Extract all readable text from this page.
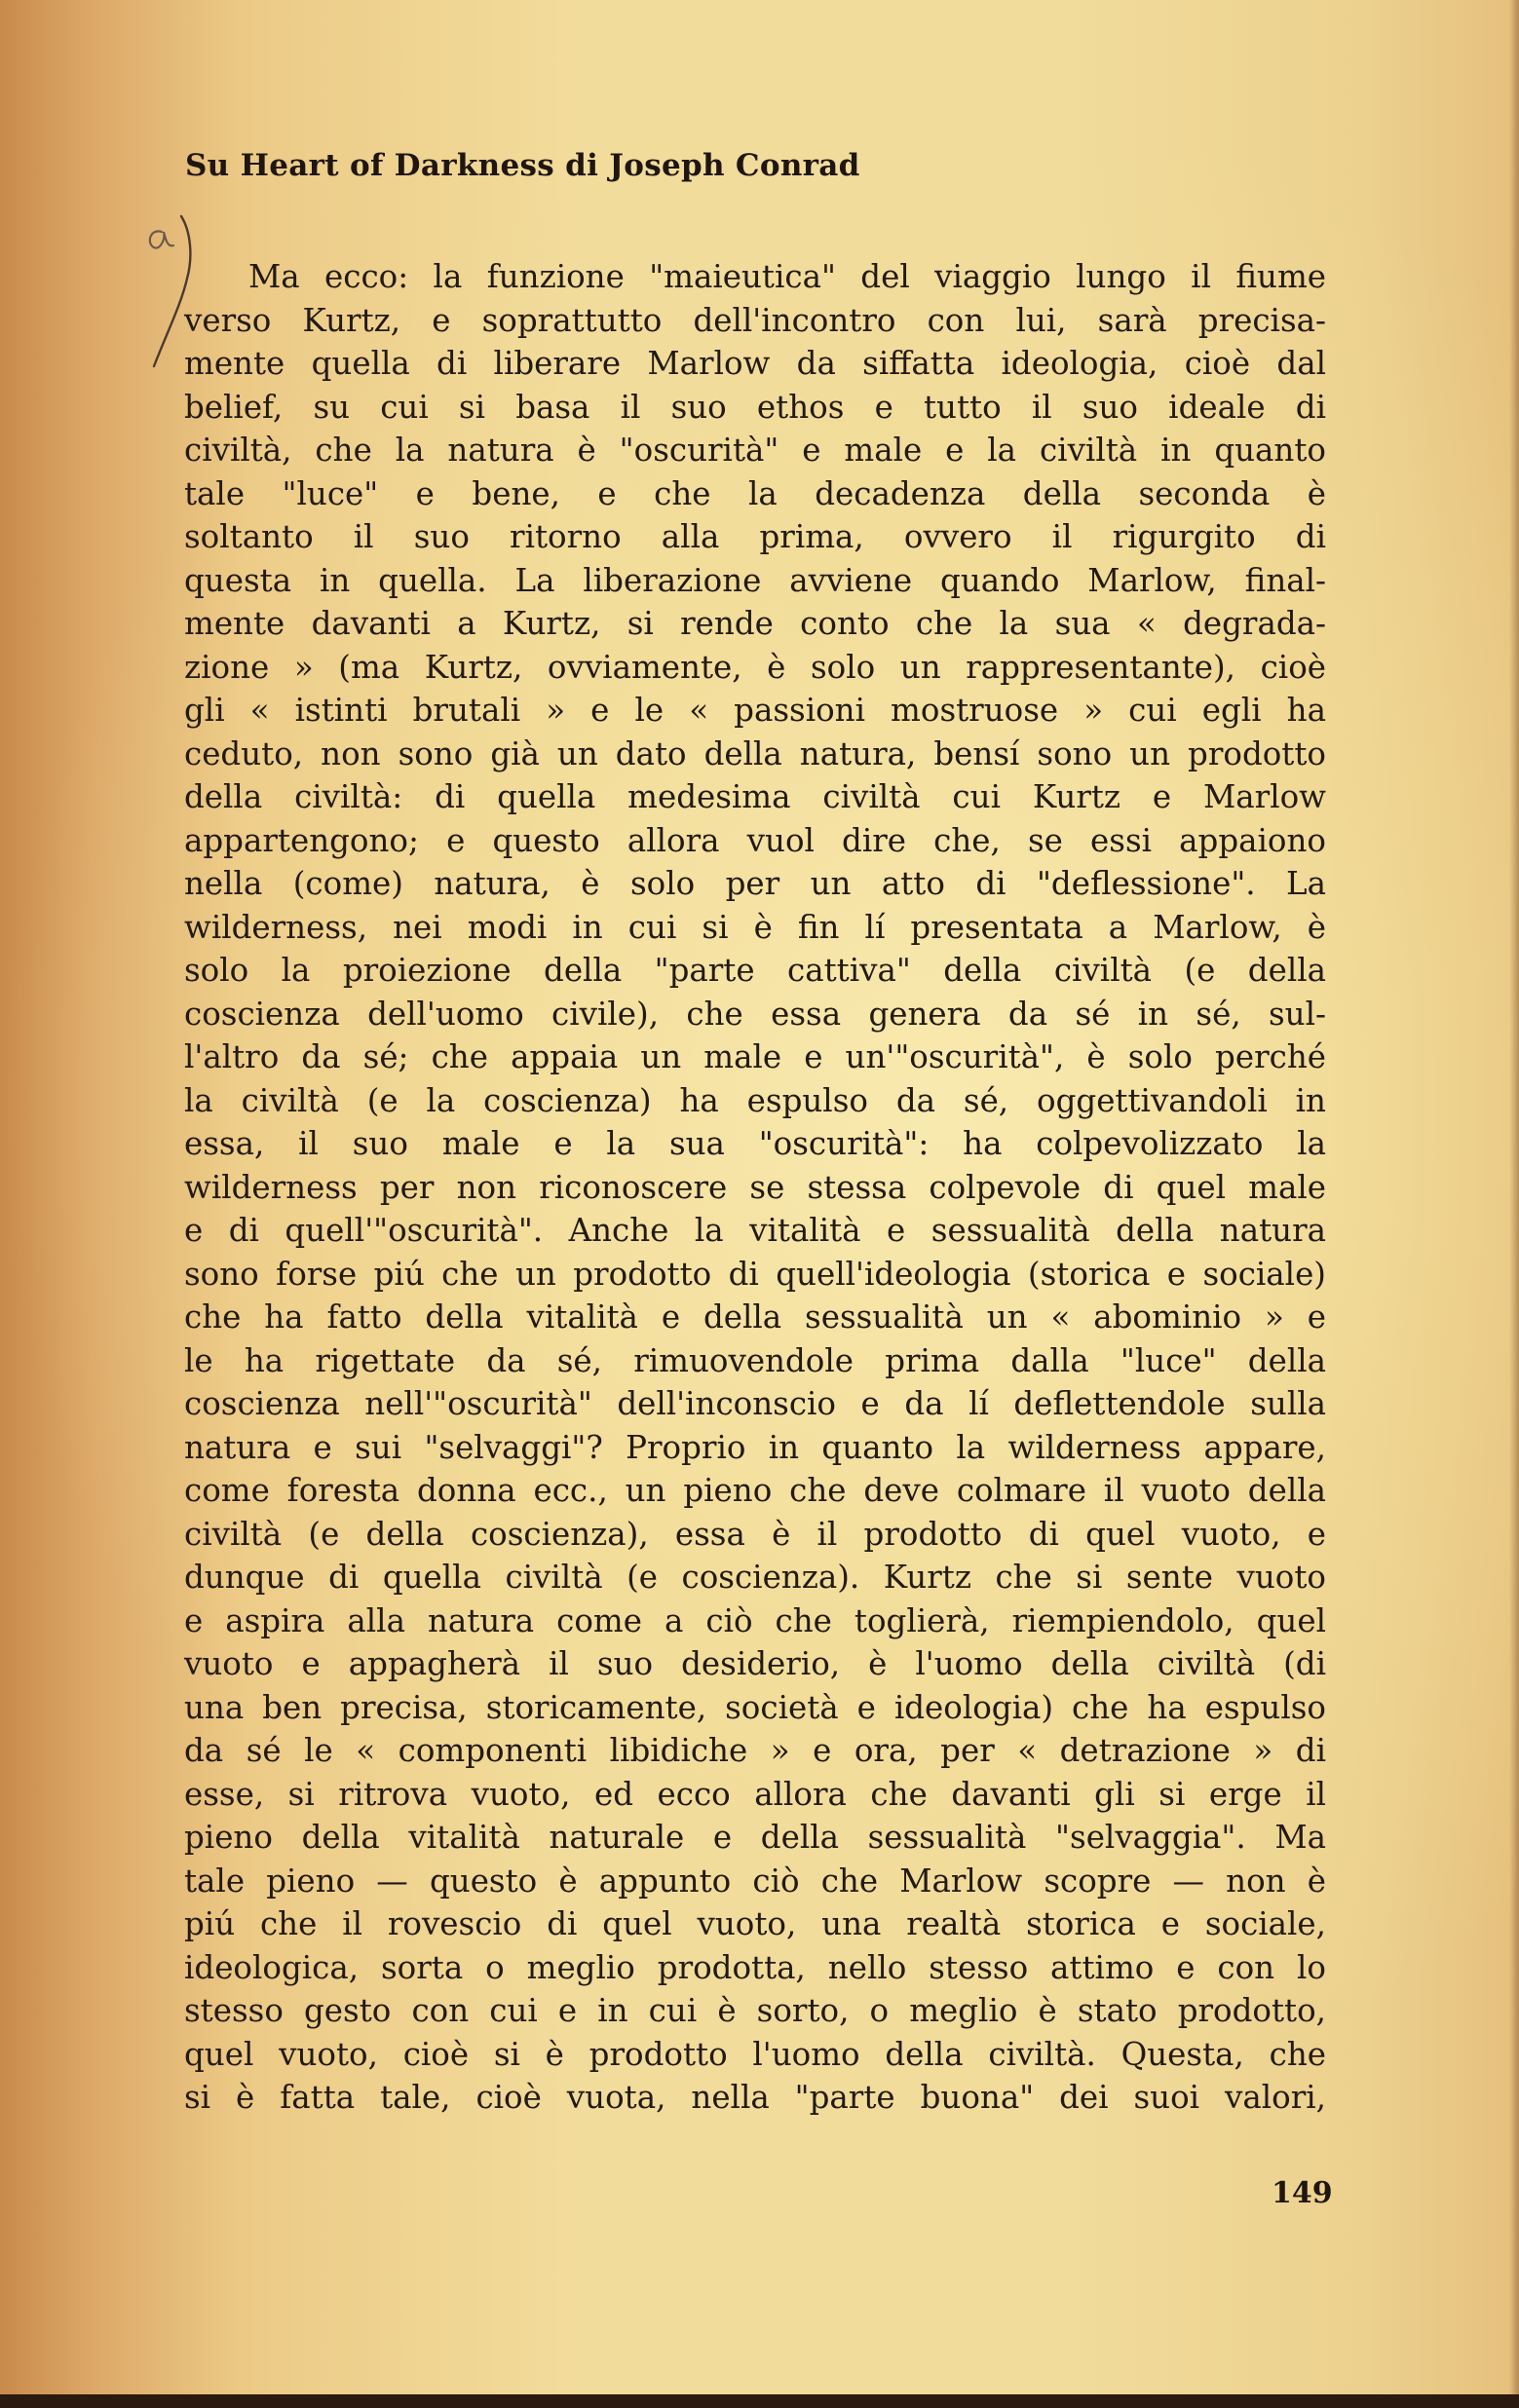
Su Heart of Darkness di Joseph Conrad
Ma ecco: la funzione "maieutica" del viaggio lungo il fiume
verso Kurtz, e soprattutto dell'incontro con lui, sarà precisa-
mente quella di liberare Marlow da siffatta ideologia, cioè dal
belief, su cui si basa il suo ethos e tutto il suo ideale di
civiltà, che la natura è "oscurità" e male e la civiltà in quanto
tale "luce" e bene, e che la decadenza della seconda è
soltanto il suo ritorno alla prima, ovvero il rigurgito di
questa in quella. La liberazione avviene quando Marlow, final-
mente davanti a Kurtz, si rende conto che la sua « degrada-
zione » (ma Kurtz, ovviamente, è solo un rappresentante), cioè
gli « istinti brutali » e le « passioni mostruose » cui egli ha
ceduto, non sono già un dato della natura, bensí sono un prodotto
della civiltà: di quella medesima civiltà cui Kurtz e Marlow
appartengono; e questo allora vuol dire che, se essi appaiono
nella (come) natura, è solo per un atto di "deflessione". La
wilderness, nei modi in cui si è fin lí presentata a Marlow, è
solo la proiezione della "parte cattiva" della civiltà (e della
coscienza dell'uomo civile), che essa genera da sé in sé, sul-
l'altro da sé; che appaia un male e un'"oscurità", è solo perché
la civiltà (e la coscienza) ha espulso da sé, oggettivandoli in
essa, il suo male e la sua "oscurità": ha colpevolizzato la
wilderness per non riconoscere se stessa colpevole di quel male
e di quell'"oscurità". Anche la vitalità e sessualità della natura
sono forse piú che un prodotto di quell'ideologia (storica e sociale)
che ha fatto della vitalità e della sessualità un « abominio » e
le ha rigettate da sé, rimuovendole prima dalla "luce" della
coscienza nell'"oscurità" dell'inconscio e da lí deflettendole sulla
natura e sui "selvaggi"? Proprio in quanto la wilderness appare,
come foresta donna ecc., un pieno che deve colmare il vuoto della
civiltà (e della coscienza), essa è il prodotto di quel vuoto, e
dunque di quella civiltà (e coscienza). Kurtz che si sente vuoto
e aspira alla natura come a ciò che toglierà, riempiendolo, quel
vuoto e appagherà il suo desiderio, è l'uomo della civiltà (di
una ben precisa, storicamente, società e ideologia) che ha espulso
da sé le « componenti libidiche » e ora, per « detrazione » di
esse, si ritrova vuoto, ed ecco allora che davanti gli si erge il
pieno della vitalità naturale e della sessualità "selvaggia". Ma
tale pieno — questo è appunto ciò che Marlow scopre — non è
piú che il rovescio di quel vuoto, una realtà storica e sociale,
ideologica, sorta o meglio prodotta, nello stesso attimo e con lo
stesso gesto con cui e in cui è sorto, o meglio è stato prodotto,
quel vuoto, cioè si è prodotto l'uomo della civiltà. Questa, che
si è fatta tale, cioè vuota, nella "parte buona" dei suoi valori,

149
